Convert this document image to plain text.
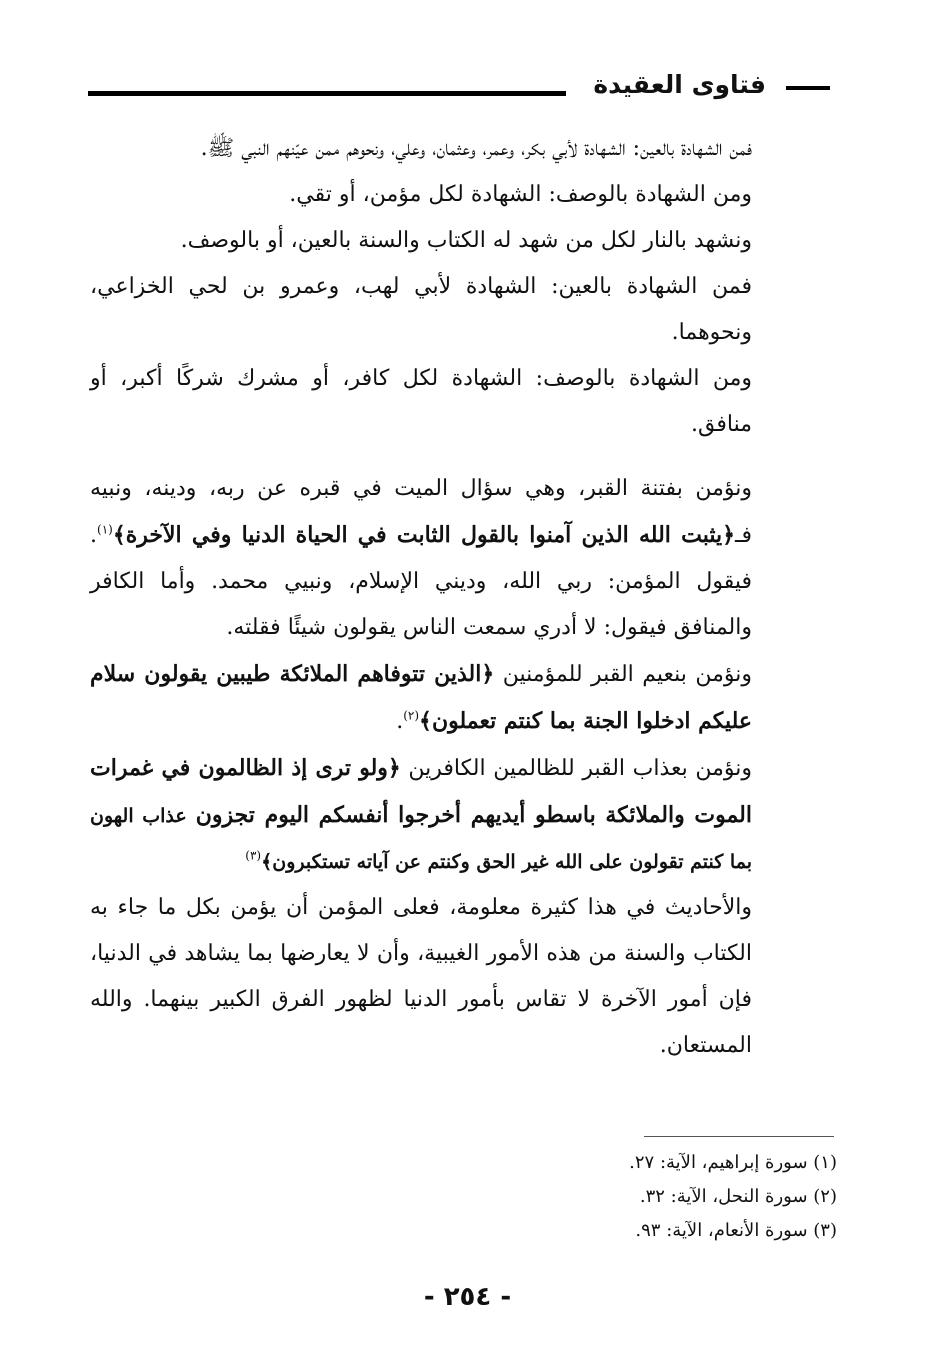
فتاوى العقيدة

فمن الشهادة بالعين: الشهادة لأبي بكر، وعمر، وعثمان، وعلي، ونحوهم ممن عيّنهم النبي ﷺ.

ومن الشهادة بالوصف: الشهادة لكل مؤمن، أو تقي.

ونشهد بالنار لكل من شهد له الكتاب والسنة بالعين، أو بالوصف.

فمن الشهادة بالعين: الشهادة لأبي لهب، وعمرو بن لحي الخزاعي، ونحوهما.

ومن الشهادة بالوصف: الشهادة لكل كافر، أو مشرك شركًا أكبر، أو منافق.

ونؤمن بفتنة القبر، وهي سؤال الميت في قبره عن ربه، ودينه، ونبيه فـ﴿يثبت الله الذين آمنوا بالقول الثابت في الحياة الدنيا وفي الآخرة﴾$^{(١)}$. فيقول المؤمن: ربي الله، وديني الإسلام، ونبيي محمد. وأما الكافر والمنافق فيقول: لا أدري سمعت الناس يقولون شيئًا فقلته.

ونؤمن بنعيم القبر للمؤمنين ﴿الذين تتوفاهم الملائكة طيبين يقولون سلام عليكم ادخلوا الجنة بما كنتم تعملون﴾$^{(٢)}$.

ونؤمن بعذاب القبر للظالمين الكافرين ﴿ولو ترى إذ الظالمون في غمرات الموت والملائكة باسطو أيديهم أخرجوا أنفسكم اليوم تجزون عذاب الهون بما كنتم تقولون على الله غير الحق وكنتم عن آياته تستكبرون﴾$^{(٣)}$

والأحاديث في هذا كثيرة معلومة، فعلى المؤمن أن يؤمن بكل ما جاء به الكتاب والسنة من هذه الأمور الغيبية، وأن لا يعارضها بما يشاهد في الدنيا، فإن أمور الآخرة لا تقاس بأمور الدنيا لظهور الفرق الكبير بينهما. والله المستعان.

(١) سورة إبراهيم، الآية: ٢٧.

(٢) سورة النحل، الآية: ٣٢.

(٣) سورة الأنعام، الآية: ٩٣.

- ٢٥٤ -
